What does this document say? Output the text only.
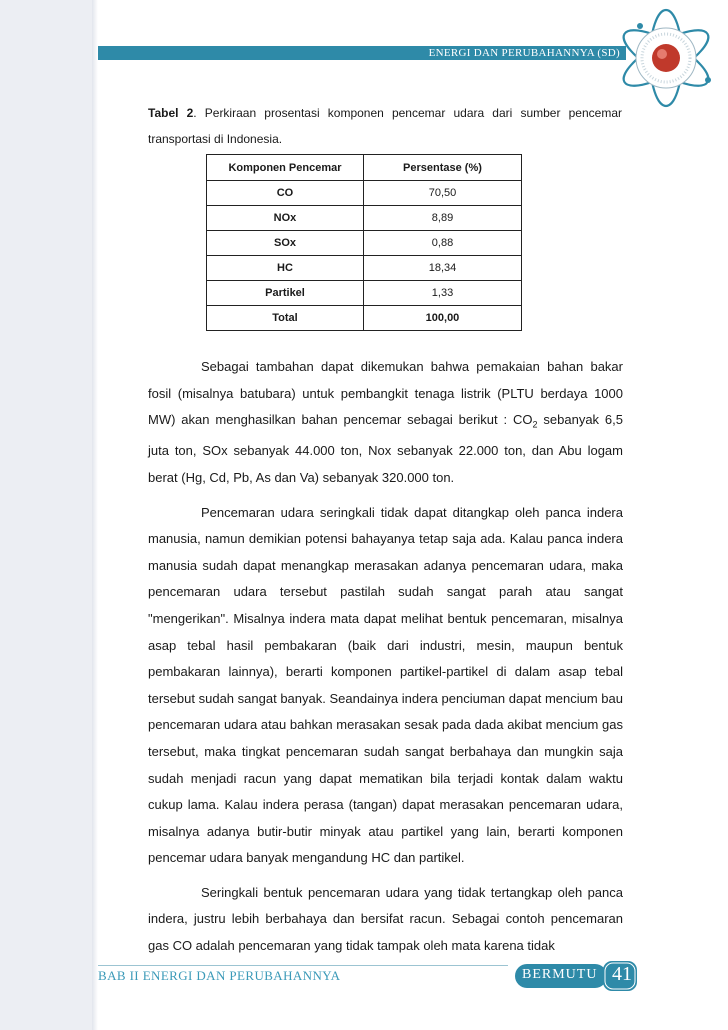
ENERGI DAN PERUBAHANNYA (SD)
Tabel 2. Perkiraan prosentasi komponen pencemar udara dari sumber pencemar transportasi di Indonesia.
Komponen Pencemar	Persentase (%)
CO	70,50
NOx	8,89
SOx	0,88
HC	18,34
Partikel	1,33
Total	100,00

Sebagai tambahan dapat dikemukan bahwa pemakaian bahan bakar fosil (misalnya batubara) untuk pembangkit tenaga listrik (PLTU berdaya 1000 MW) akan menghasilkan bahan pencemar sebagai berikut : $CO_2$ sebanyak 6,5 juta ton, SOx sebanyak 44.000 ton, Nox sebanyak 22.000 ton, dan Abu logam berat (Hg, Cd, Pb, As dan Va) sebanyak 320.000 ton.

Pencemaran udara seringkali tidak dapat ditangkap oleh panca indera manusia, namun demikian potensi bahayanya tetap saja ada. Kalau panca indera manusia sudah dapat menangkap merasakan adanya pencemaran udara, maka pencemaran udara tersebut pastilah sudah sangat parah atau sangat "mengerikan". Misalnya indera mata dapat melihat bentuk pencemaran, misalnya asap tebal hasil pembakaran (baik dari industri, mesin, maupun bentuk pembakaran lainnya), berarti komponen partikel-partikel di dalam asap tebal tersebut sudah sangat banyak. Seandainya indera penciuman dapat mencium bau pencemaran udara atau bahkan merasakan sesak pada dada akibat mencium gas tersebut, maka tingkat pencemaran sudah sangat berbahaya dan mungkin saja sudah menjadi racun yang dapat mematikan bila terjadi kontak dalam waktu cukup lama. Kalau indera perasa (tangan) dapat merasakan pencemaran udara, misalnya adanya butir-butir minyak atau partikel yang lain, berarti komponen pencemar udara banyak mengandung HC dan partikel.

Seringkali bentuk pencemaran udara yang tidak tertangkap oleh panca indera, justru lebih berbahaya dan bersifat racun. Sebagai contoh pencemaran gas CO adalah pencemaran yang tidak tampak oleh mata karena tidak

BAB II ENERGI DAN PERUBAHANNYA	BERMUTU 41
